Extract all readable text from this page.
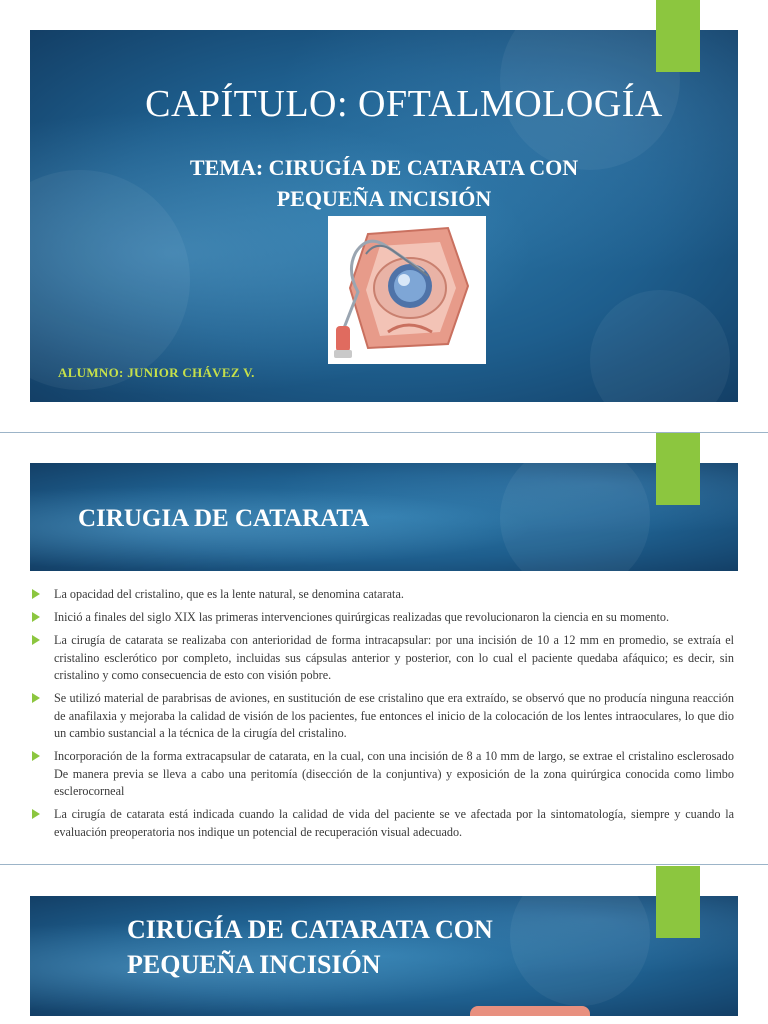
CAPÍTULO: OFTALMOLOGÍA
TEMA: CIRUGÍA DE CATARATA CON
PEQUEÑA INCISIÓN
ALUMNO: JUNIOR CHÁVEZ V.
CIRUGIA DE CATARATA
La opacidad del cristalino, que es la lente natural, se denomina catarata.
Inició a finales del siglo XIX las primeras intervenciones quirúrgicas realizadas que revolucionaron la ciencia en su momento.
La cirugía de catarata se realizaba con anterioridad de forma intracapsular: por una incisión de 10 a 12 mm en promedio, se extraía el cristalino esclerótico por completo, incluidas sus cápsulas anterior y posterior, con lo cual el paciente quedaba afáquico; es decir, sin cristalino y como consecuencia de esto con visión pobre.
Se utilizó material de parabrisas de aviones, en sustitución de ese cristalino que era extraído, se observó que no producía ninguna reacción de anafilaxia y mejoraba la calidad de visión de los pacientes, fue entonces el inicio de la colocación de los lentes intraoculares, lo que dio un cambio sustancial a la técnica de la cirugía del cristalino.
Incorporación de la forma extracapsular de catarata, en la cual, con una incisión de 8 a 10 mm de largo, se extrae el cristalino esclerosado De manera previa se lleva a cabo una peritomía (disección de la conjuntiva) y exposición de la zona quirúrgica conocida como limbo esclerocorneal
La cirugía de catarata está indicada cuando la calidad de vida del paciente se ve afectada por la sintomatología, siempre y cuando la evaluación preoperatoria nos indique un potencial de recuperación visual adecuado.
CIRUGÍA DE CATARATA CON
PEQUEÑA INCISIÓN
